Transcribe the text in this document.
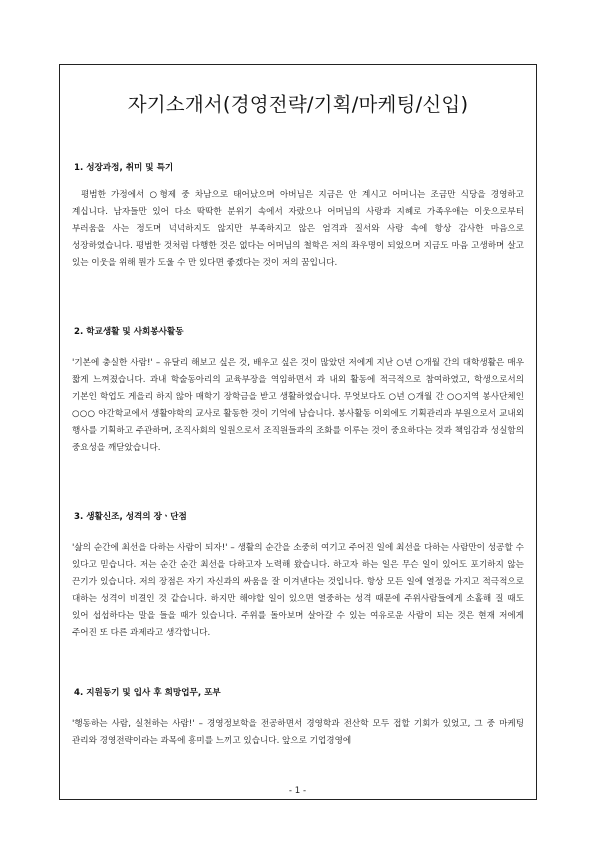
자기소개서(경영전략/기획/마케팅/신입)
1. 성장과정, 취미 및 특기

평범한 가정에서 ○형제 중 차남으로 태어났으며 아버님은 지금은 안 계시고 어머니는 조금만 식당을 경영하고 계십니다. 남자들만 있어 다소 딱딱한 분위기 속에서 자랐으나 어머님의 사랑과 지혜로 가족우애는 이웃으로부터 부러움을 사는 정도며 넉넉하지도 않지만 부족하지고 않은 엄격과 질서와 사랑 속에 항상 감사한 마음으로 성장하였습니다. 평범한 것처럼 다행한 것은 없다는 어머님의 철학은 저의 좌우명이 되었으며 지금도 마음 고생하며 살고 있는 이웃을 위해 뭔가 도울 수 만 있다면 좋겠다는 것이 저의 꿈입니다.

2. 학교생활 및 사회봉사활동

'기본에 충실한 사람!' – 유달리 해보고 싶은 것, 배우고 싶은 것이 많았던 저에게 지난 ○년 ○개월 간의 대학생활은 매우 짧게 느껴졌습니다. 과내 학술동아리의 교육부장을 역임하면서 과 내외 활동에 적극적으로 참여하였고, 학생으로서의 기본인 학업도 게을리 하지 않아 매학기 장학금을 받고 생활하였습니다. 무엇보다도 ○년 ○개월 간 ○○지역 봉사단체인 ○○○ 야간학교에서 생활야학의 교사로 활동한 것이 기억에 남습니다. 봉사활동 이외에도 기획관리과 부원으로서 교내외 행사를 기획하고 주관하며, 조직사회의 일원으로서 조직원들과의 조화를 이루는 것이 중요하다는 것과 책임감과 성실함의 중요성을 깨닫았습니다.

3. 생활신조, 성격의 장ㆍ단점

'삶의 순간에 최선을 다하는 사람이 되자!' – 생활의 순간을 소중히 여기고 주어진 일에 최선을 다하는 사람만이 성공할 수 있다고 믿습니다. 저는 순간 순간 최선을 다하고자 노력해 왔습니다. 하고자 하는 일은 무슨 일이 있어도 포기하지 않는 끈기가 있습니다. 저의 장점은 자기 자신과의 싸움을 잘 이겨낸다는 것입니다. 항상 모든 일에 열정을 가지고 적극적으로 대하는 성격이 비결인 것 같습니다. 하지만 해야할 일이 있으면 열중하는 성격 때문에 주위사람들에게 소홀해 질 때도 있어 섭섭하다는 말을 들을 때가 있습니다. 주위를 돌아보며 살아갈 수 있는 여유로운 사람이 되는 것은 현재 저에게 주어진 또 다른 과제라고 생각합니다.

4. 지원동기 및 입사 후 희망업무, 포부

'행동하는 사람, 실천하는 사람!' – 경영정보학을 전공하면서 경영학과 전산학 모두 접할 기회가 있었고, 그 중 마케팅 관리와 경영전략이라는 과목에 흥미를 느끼고 있습니다. 앞으로 기업경영에

- 1 -
